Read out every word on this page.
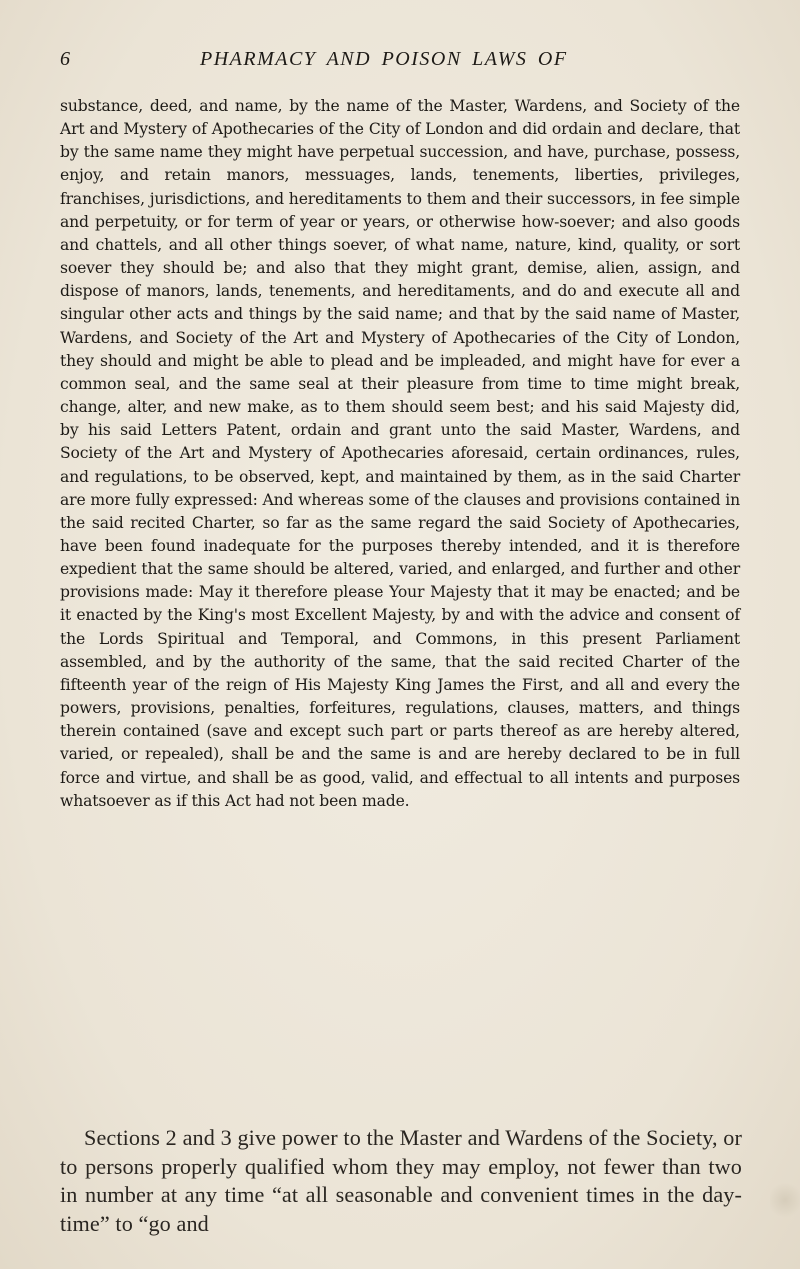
6	PHARMACY AND POISON LAWS OF

substance, deed, and name, by the name of the Master, Wardens, and Society of the Art and Mystery of Apothecaries of the City of London and did ordain and declare, that by the same name they might have perpetual succession, and have, purchase, possess, enjoy, and retain manors, messuages, lands, tenements, liberties, privileges, franchises, jurisdictions, and hereditaments to them and their successors, in fee simple and perpetuity, or for term of year or years, or otherwise how-soever; and also goods and chattels, and all other things soever, of what name, nature, kind, quality, or sort soever they should be; and also that they might grant, demise, alien, assign, and dispose of manors, lands, tenements, and hereditaments, and do and execute all and singular other acts and things by the said name; and that by the said name of Master, Wardens, and Society of the Art and Mystery of Apothecaries of the City of London, they should and might be able to plead and be impleaded, and might have for ever a common seal, and the same seal at their pleasure from time to time might break, change, alter, and new make, as to them should seem best; and his said Majesty did, by his said Letters Patent, ordain and grant unto the said Master, Wardens, and Society of the Art and Mystery of Apothecaries aforesaid, certain ordinances, rules, and regulations, to be observed, kept, and maintained by them, as in the said Charter are more fully expressed: And whereas some of the clauses and provisions contained in the said recited Charter, so far as the same regard the said Society of Apothecaries, have been found inadequate for the purposes thereby intended, and it is therefore expedient that the same should be altered, varied, and enlarged, and further and other provisions made: May it therefore please Your Majesty that it may be enacted; and be it enacted by the King's most Excellent Majesty, by and with the advice and consent of the Lords Spiritual and Temporal, and Commons, in this present Parliament assembled, and by the authority of the same, that the said recited Charter of the fifteenth year of the reign of His Majesty King James the First, and all and every the powers, provisions, penalties, forfeitures, regulations, clauses, matters, and things therein contained (save and except such part or parts thereof as are hereby altered, varied, or repealed), shall be and the same is and are hereby declared to be in full force and virtue, and shall be as good, valid, and effectual to all intents and purposes whatsoever as if this Act had not been made.

Sections 2 and 3 give power to the Master and Wardens of the Society, or to persons properly qualified whom they may employ, not fewer than two in number at any time “at all seasonable and convenient times in the day-time” to “go and
